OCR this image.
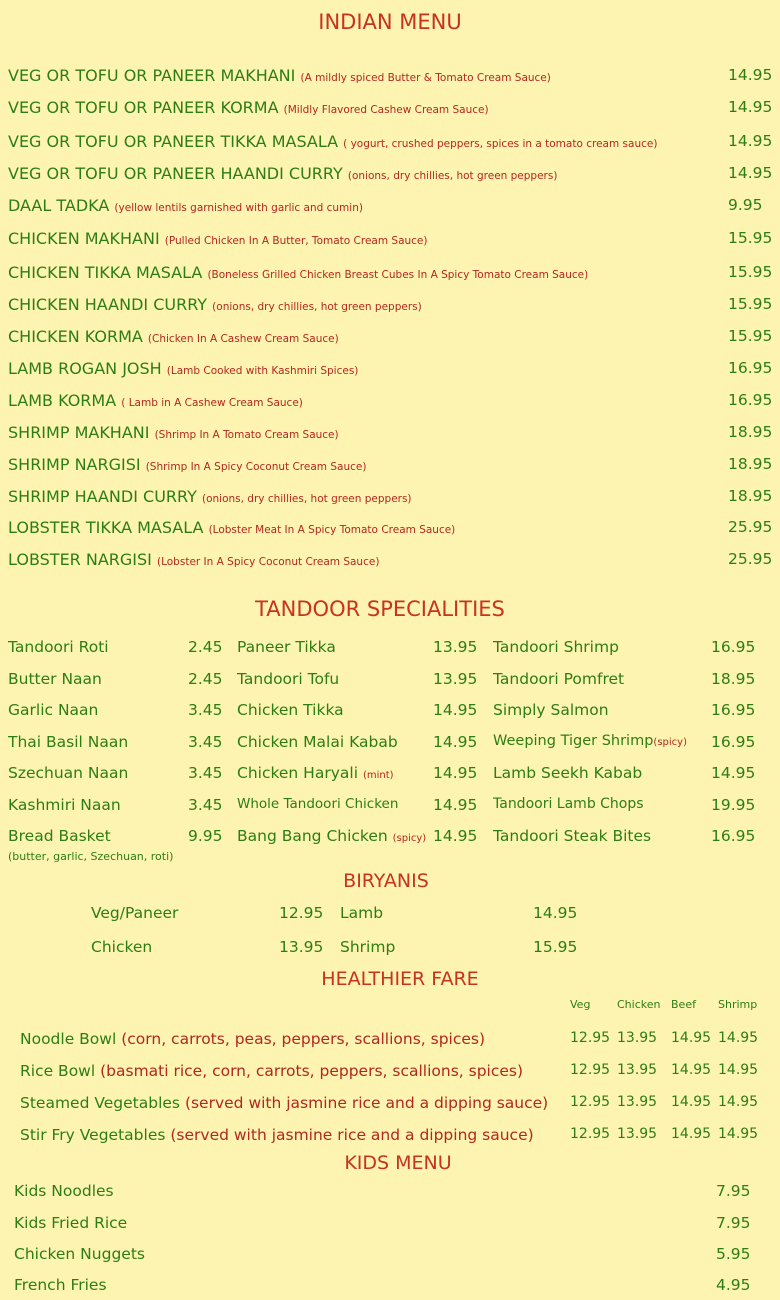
INDIAN MENU
VEG OR TOFU OR PANEER MAKHANI (A mildly spiced Butter & Tomato Cream Sauce)	14.95
VEG OR TOFU OR PANEER KORMA (Mildly Flavored Cashew Cream Sauce)	14.95
VEG OR TOFU OR PANEER TIKKA MASALA ( yogurt, crushed peppers, spices in a tomato cream sauce)	14.95
VEG OR TOFU OR PANEER HAANDI CURRY (onions, dry chillies, hot green peppers)	14.95
DAAL TADKA (yellow lentils garnished with garlic and cumin)	9.95
CHICKEN MAKHANI (Pulled Chicken In A Butter, Tomato Cream Sauce)	15.95
CHICKEN TIKKA MASALA (Boneless Grilled Chicken Breast Cubes In A Spicy Tomato Cream Sauce)	15.95
CHICKEN HAANDI CURRY (onions, dry chillies, hot green peppers)	15.95
CHICKEN KORMA (Chicken In A Cashew Cream Sauce)	15.95
LAMB ROGAN JOSH (Lamb Cooked with Kashmiri Spices)	16.95
LAMB KORMA ( Lamb in A Cashew Cream Sauce)	16.95
SHRIMP MAKHANI (Shrimp In A Tomato Cream Sauce)	18.95
SHRIMP NARGISI (Shrimp In A Spicy Coconut Cream Sauce)	18.95
SHRIMP HAANDI CURRY (onions, dry chillies, hot green peppers)	18.95
LOBSTER TIKKA MASALA (Lobster Meat In A Spicy Tomato Cream Sauce)	25.95
LOBSTER NARGISI (Lobster In A Spicy Coconut Cream Sauce)	25.95
TANDOOR SPECIALITIES
Tandoori Roti	2.45
Butter Naan	2.45
Garlic Naan	3.45
Thai Basil Naan	3.45
Szechuan Naan	3.45
Kashmiri Naan	3.45
Bread Basket	9.95
(butter, garlic, Szechuan, roti)
Paneer Tikka	13.95
Tandoori Tofu	13.95
Chicken Tikka	14.95
Chicken Malai Kabab 14.95
Chicken Haryali (mint)	14.95
Whole Tandoori Chicken 14.95
Bang Bang Chicken (spicy) 14.95
Tandoori Shrimp	16.95
Tandoori Pomfret	18.95
Simply Salmon	16.95
Weeping Tiger Shrimp(spicy) 16.95
Lamb Seekh Kabab	14.95
Tandoori Lamb Chops	19.95
Tandoori Steak Bites	16.95
BIRYANIS
Veg/Paneer	12.95 Lamb	14.95
Chicken	13.95 Shrimp	15.95
HEALTHIER FARE
Veg Chicken Beef Shrimp
Noodle Bowl (corn, carrots, peas, peppers, scallions, spices)	12.95 13.95 14.95 14.95
Rice Bowl (basmati rice, corn, carrots, peppers, scallions, spices)	12.95 13.95 14.95 14.95
Steamed Vegetables (served with jasmine rice and a dipping sauce) 12.95 13.95 14.95 14.95
Stir Fry Vegetables (served with jasmine rice and a dipping sauce)	12.95 13.95 14.95 14.95
KIDS MENU
Kids Noodles	7.95
Kids Fried Rice	7.95
Chicken Nuggets	5.95
French Fries	4.95
